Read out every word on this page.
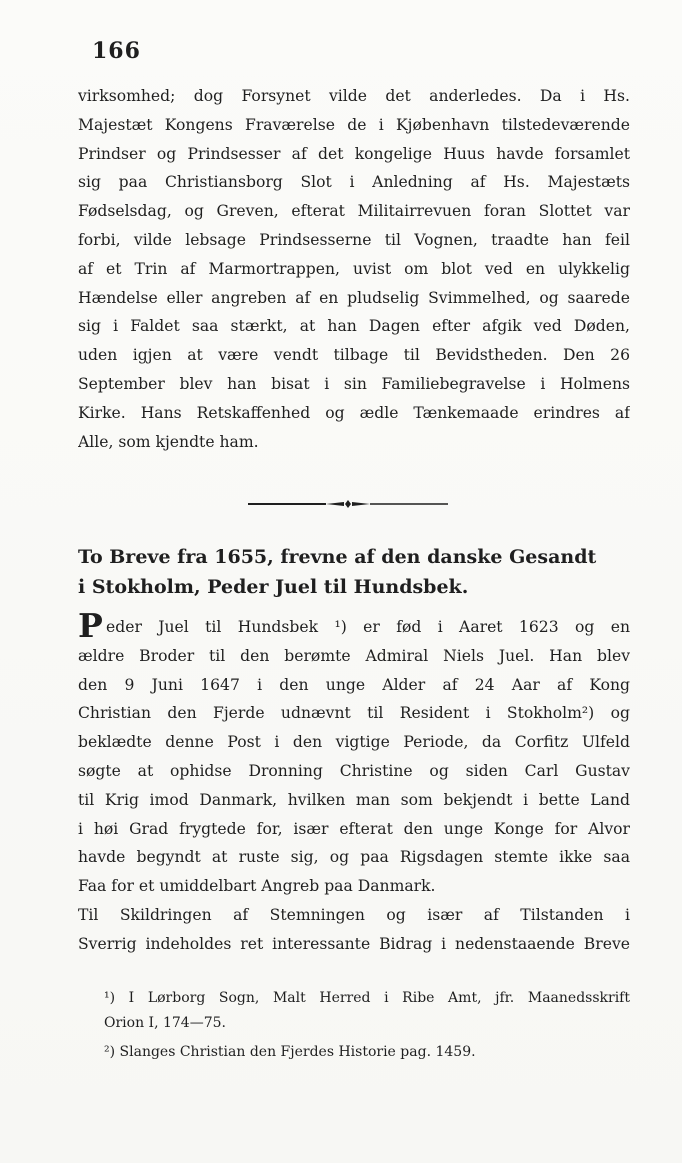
166
virksomhed; dog Forsynet vilde det anderledes. Da i Hs.
Majestæt Kongens Fraværelse de i Kjøbenhavn tilstedeværende
Prindser og Prindsesser af det kongelige Huus havde forsamlet
sig paa Christiansborg Slot i Anledning af Hs. Majestæts
Fødselsdag, og Greven, efterat Militairrevuen foran Slottet var
forbi, vilde lebsage Prindsesserne til Vognen, traadte han feil
af et Trin af Marmortrappen, uvist om blot ved en ulykkelig
Hændelse eller angreben af en pludselig Svimmelhed, og saarede
sig i Faldet saa stærkt, at han Dagen efter afgik ved Døden,
uden igjen at være vendt tilbage til Bevidstheden. Den 26
September blev han bisat i sin Familiebegravelse i Holmens
Kirke. Hans Retskaffenhed og ædle Tænkemaade erindres af
Alle, som kjendte ham.
To Breve fra 1655, frevne af den danske Gesandt
i Stokholm, Peder Juel til Hundsbek.
P eder Juel til Hundsbek ¹) er fød i Aaret 1623 og en
ældre Broder til den berømte Admiral Niels Juel. Han blev
den 9 Juni 1647 i den unge Alder af 24 Aar af Kong
Christian den Fjerde udnævnt til Resident i Stokholm²) og
beklædte denne Post i den vigtige Periode, da Corfitz Ulfeld
søgte at ophidse Dronning Christine og siden Carl Gustav
til Krig imod Danmark, hvilken man som bekjendt i bette Land
i høi Grad frygtede for, især efterat den unge Konge for Alvor
havde begyndt at ruste sig, og paa Rigsdagen stemte ikke saa
Faa for et umiddelbart Angreb paa Danmark.
Til Skildringen af Stemningen og især af Tilstanden i
Sverrig indeholdes ret interessante Bidrag i nedenstaaende Breve
¹) I Lørborg Sogn, Malt Herred i Ribe Amt, jfr. Maanedsskrift
Orion I, 174—75.
²) Slanges Christian den Fjerdes Historie pag. 1459.
